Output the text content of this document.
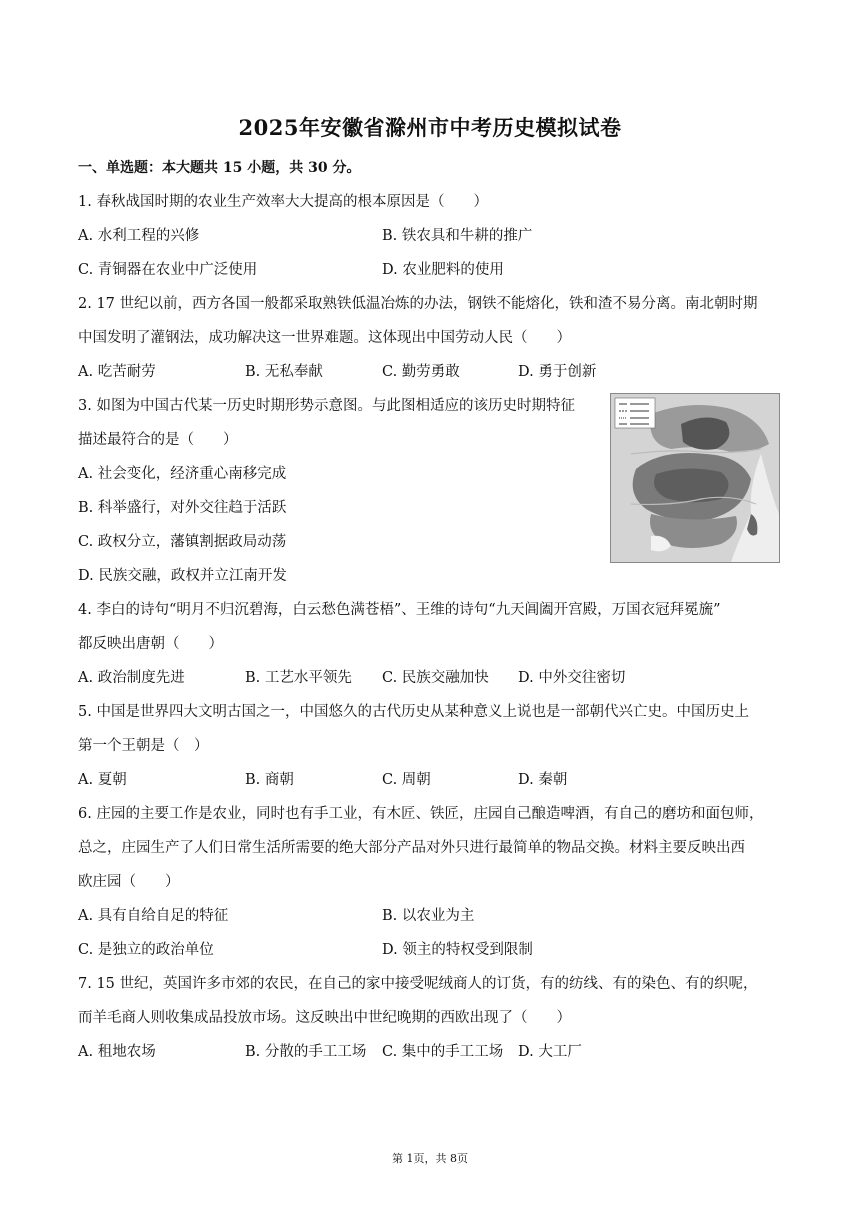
2025年安徽省滁州市中考历史模拟试卷
一、单选题：本大题共 15 小题，共 30 分。
1. 春秋战国时期的农业生产效率大大提高的根本原因是（　　）
A. 水利工程的兴修	B. 铁农具和牛耕的推广
C. 青铜器在农业中广泛使用	D. 农业肥料的使用
2. 17 世纪以前，西方各国一般都采取熟铁低温冶炼的办法，钢铁不能熔化，铁和渣不易分离。南北朝时期
中国发明了灌钢法，成功解决这一世界难题。这体现出中国劳动人民（　　）
A. 吃苦耐劳	B. 无私奉献	C. 勤劳勇敢	D. 勇于创新
3. 如图为中国古代某一历史时期形势示意图。与此图相适应的该历史时期特征
描述最符合的是（　　）
A. 社会变化，经济重心南移完成
B. 科举盛行，对外交往趋于活跃
C. 政权分立，藩镇割据政局动荡
D. 民族交融，政权并立江南开发
4. 李白的诗句“明月不归沉碧海，白云愁色满苍梧”、王维的诗句“九天阊阖开宫殿，万国衣冠拜冕旒”
都反映出唐朝（　　）
A. 政治制度先进	B. 工艺水平领先 C. 民族交融加快 D. 中外交往密切
5. 中国是世界四大文明古国之一，中国悠久的古代历史从某种意义上说也是一部朝代兴亡史。中国历史上
第一个王朝是（　）
A. 夏朝	B. 商朝	C. 周朝	D. 秦朝
6. 庄园的主要工作是农业，同时也有手工业，有木匠、铁匠，庄园自己酿造啤酒，有自己的磨坊和面包师，
总之，庄园生产了人们日常生活所需要的绝大部分产品对外只进行最简单的物品交换。材料主要反映出西
欧庄园（　　）
A. 具有自给自足的特征	B. 以农业为主
C. 是独立的政治单位	D. 领主的特权受到限制
7. 15 世纪，英国许多市郊的农民，在自己的家中接受呢绒商人的订货，有的纺线、有的染色、有的织呢，
而羊毛商人则收集成品投放市场。这反映出中世纪晚期的西欧出现了（　　）
A. 租地农场	B. 分散的手工工场 C. 集中的手工工场 D. 大工厂
第 1页，共 8页
